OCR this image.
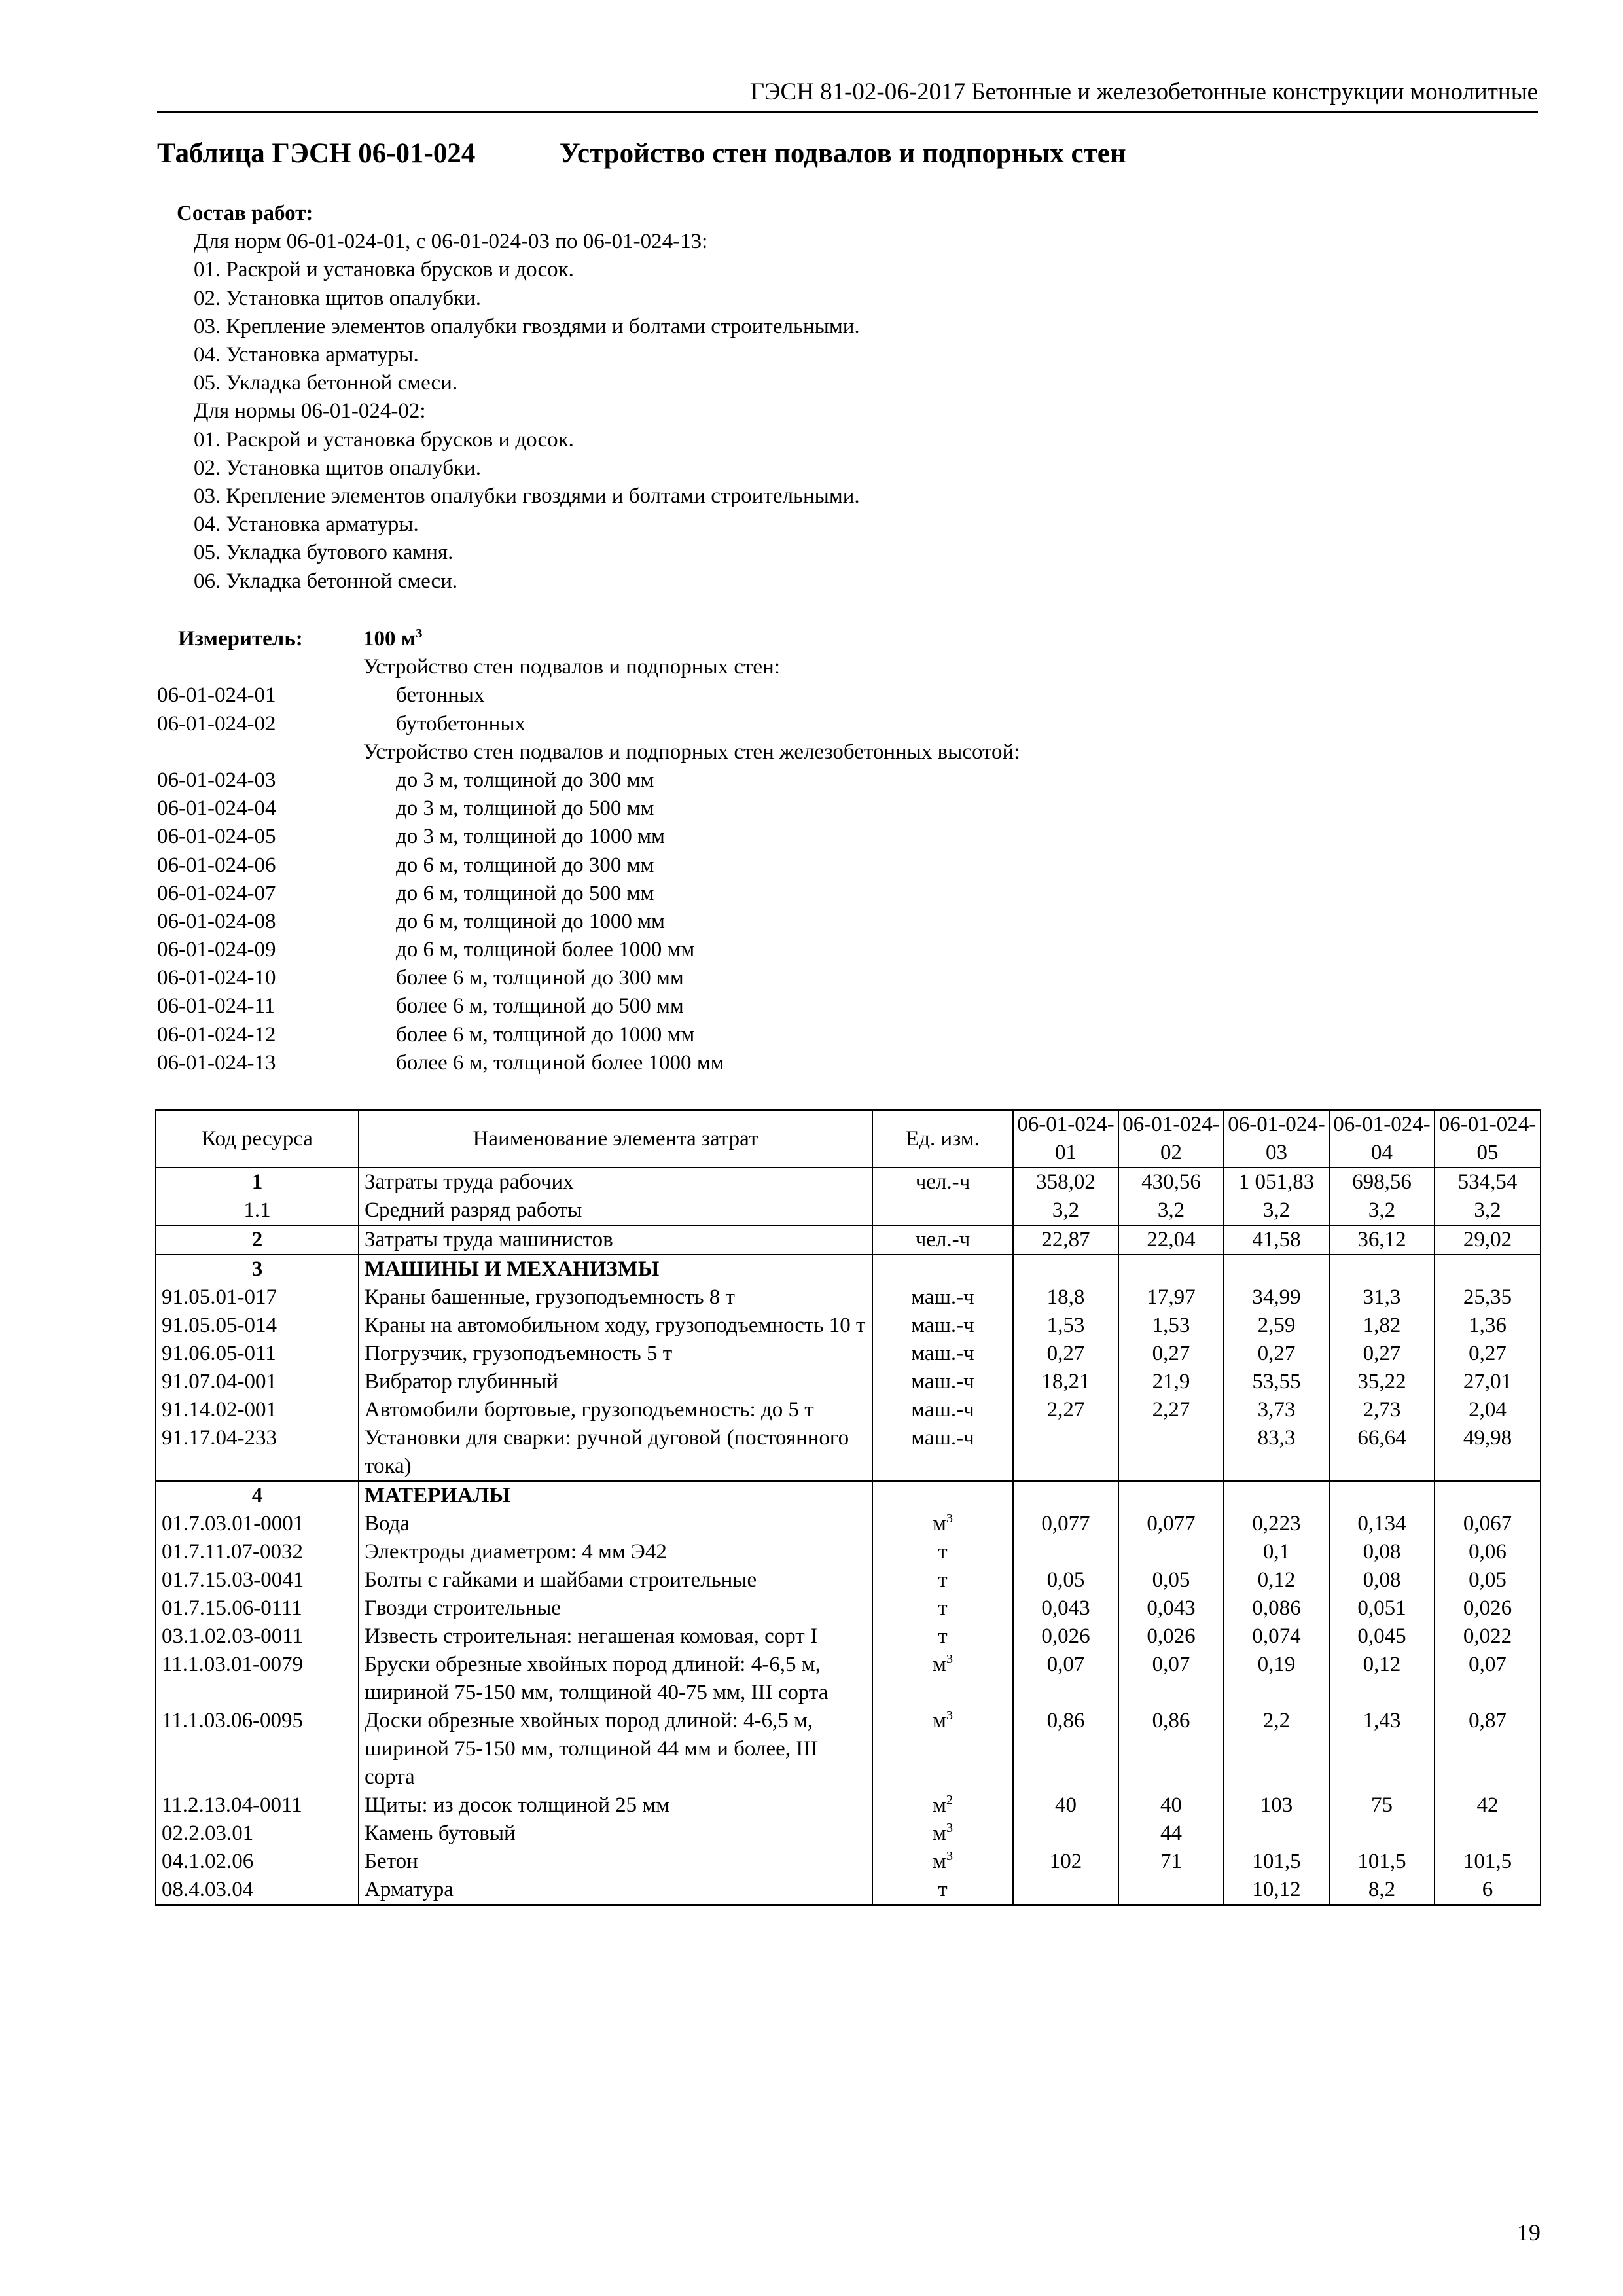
ГЭСН 81-02-06-2017 Бетонные и железобетонные конструкции монолитные
Таблица ГЭСН 06-01-024	Устройство стен подвалов и подпорных стен
Состав работ:
Для норм 06-01-024-01, с 06-01-024-03 по 06-01-024-13:
01. Раскрой и установка брусков и досок.
02. Установка щитов опалубки.
03. Крепление элементов опалубки гвоздями и болтами строительными.
04. Установка арматуры.
05. Укладка бетонной смеси.
Для нормы 06-01-024-02:
01. Раскрой и установка брусков и досок.
02. Установка щитов опалубки.
03. Крепление элементов опалубки гвоздями и болтами строительными.
04. Установка арматуры.
05. Укладка бутового камня.
06. Укладка бетонной смеси.
Измеритель:	100 $м^3$
Устройство стен подвалов и подпорных стен:
06-01-024-01	бетонных
06-01-024-02	бутобетонных
Устройство стен подвалов и подпорных стен железобетонных высотой:
06-01-024-03	до 3 м, толщиной до 300 мм
06-01-024-04	до 3 м, толщиной до 500 мм
06-01-024-05	до 3 м, толщиной до 1000 мм
06-01-024-06	до 6 м, толщиной до 300 мм
06-01-024-07	до 6 м, толщиной до 500 мм
06-01-024-08	до 6 м, толщиной до 1000 мм
06-01-024-09	до 6 м, толщиной более 1000 мм
06-01-024-10	более 6 м, толщиной до 300 мм
06-01-024-11	более 6 м, толщиной до 500 мм
06-01-024-12	более 6 м, толщиной до 1000 мм
06-01-024-13	более 6 м, толщиной более 1000 мм
Код ресурса	Наименование элемента затрат	Ед. изм.	06-01-024-01	06-01-024-02	06-01-024-03	06-01-024-04	06-01-024-05
1	Затраты труда рабочих	чел.-ч	358,02	430,56	1 051,83	698,56	534,54
1.1	Средний разряд работы		3,2	3,2	3,2	3,2	3,2
2	Затраты труда машинистов	чел.-ч	22,87	22,04	41,58	36,12	29,02
3	МАШИНЫ И МЕХАНИЗМЫ						
91.05.01-017	Краны башенные, грузоподъемность 8 т	маш.-ч	18,8	17,97	34,99	31,3	25,35
91.05.05-014	Краны на автомобильном ходу, грузоподъемность 10 т	маш.-ч	1,53	1,53	2,59	1,82	1,36
91.06.05-011	Погрузчик, грузоподъемность 5 т	маш.-ч	0,27	0,27	0,27	0,27	0,27
91.07.04-001	Вибратор глубинный	маш.-ч	18,21	21,9	53,55	35,22	27,01
91.14.02-001	Автомобили бортовые, грузоподъемность: до 5 т	маш.-ч	2,27	2,27	3,73	2,73	2,04
91.17.04-233	Установки для сварки: ручной дуговой (постоянного тока)	маш.-ч			83,3	66,64	49,98
4	МАТЕРИАЛЫ						
01.7.03.01-0001	Вода	$м^3$	0,077	0,077	0,223	0,134	0,067
01.7.11.07-0032	Электроды диаметром: 4 мм Э42	т			0,1	0,08	0,06
01.7.15.03-0041	Болты с гайками и шайбами строительные	т	0,05	0,05	0,12	0,08	0,05
01.7.15.06-0111	Гвозди строительные	т	0,043	0,043	0,086	0,051	0,026
03.1.02.03-0011	Известь строительная: негашеная комовая, сорт I	т	0,026	0,026	0,074	0,045	0,022
11.1.03.01-0079	Бруски обрезные хвойных пород длиной: 4-6,5 м, шириной 75-150 мм, толщиной 40-75 мм, III сорта	$м^3$	0,07	0,07	0,19	0,12	0,07
11.1.03.06-0095	Доски обрезные хвойных пород длиной: 4-6,5 м, шириной 75-150 мм, толщиной 44 мм и более, III сорта	$м^3$	0,86	0,86	2,2	1,43	0,87
11.2.13.04-0011	Щиты: из досок толщиной 25 мм	$м^2$	40	40	103	75	42
02.2.03.01	Камень бутовый	$м^3$		44			
04.1.02.06	Бетон	$м^3$	102	71	101,5	101,5	101,5
08.4.03.04	Арматура	т			10,12	8,2	6
19
